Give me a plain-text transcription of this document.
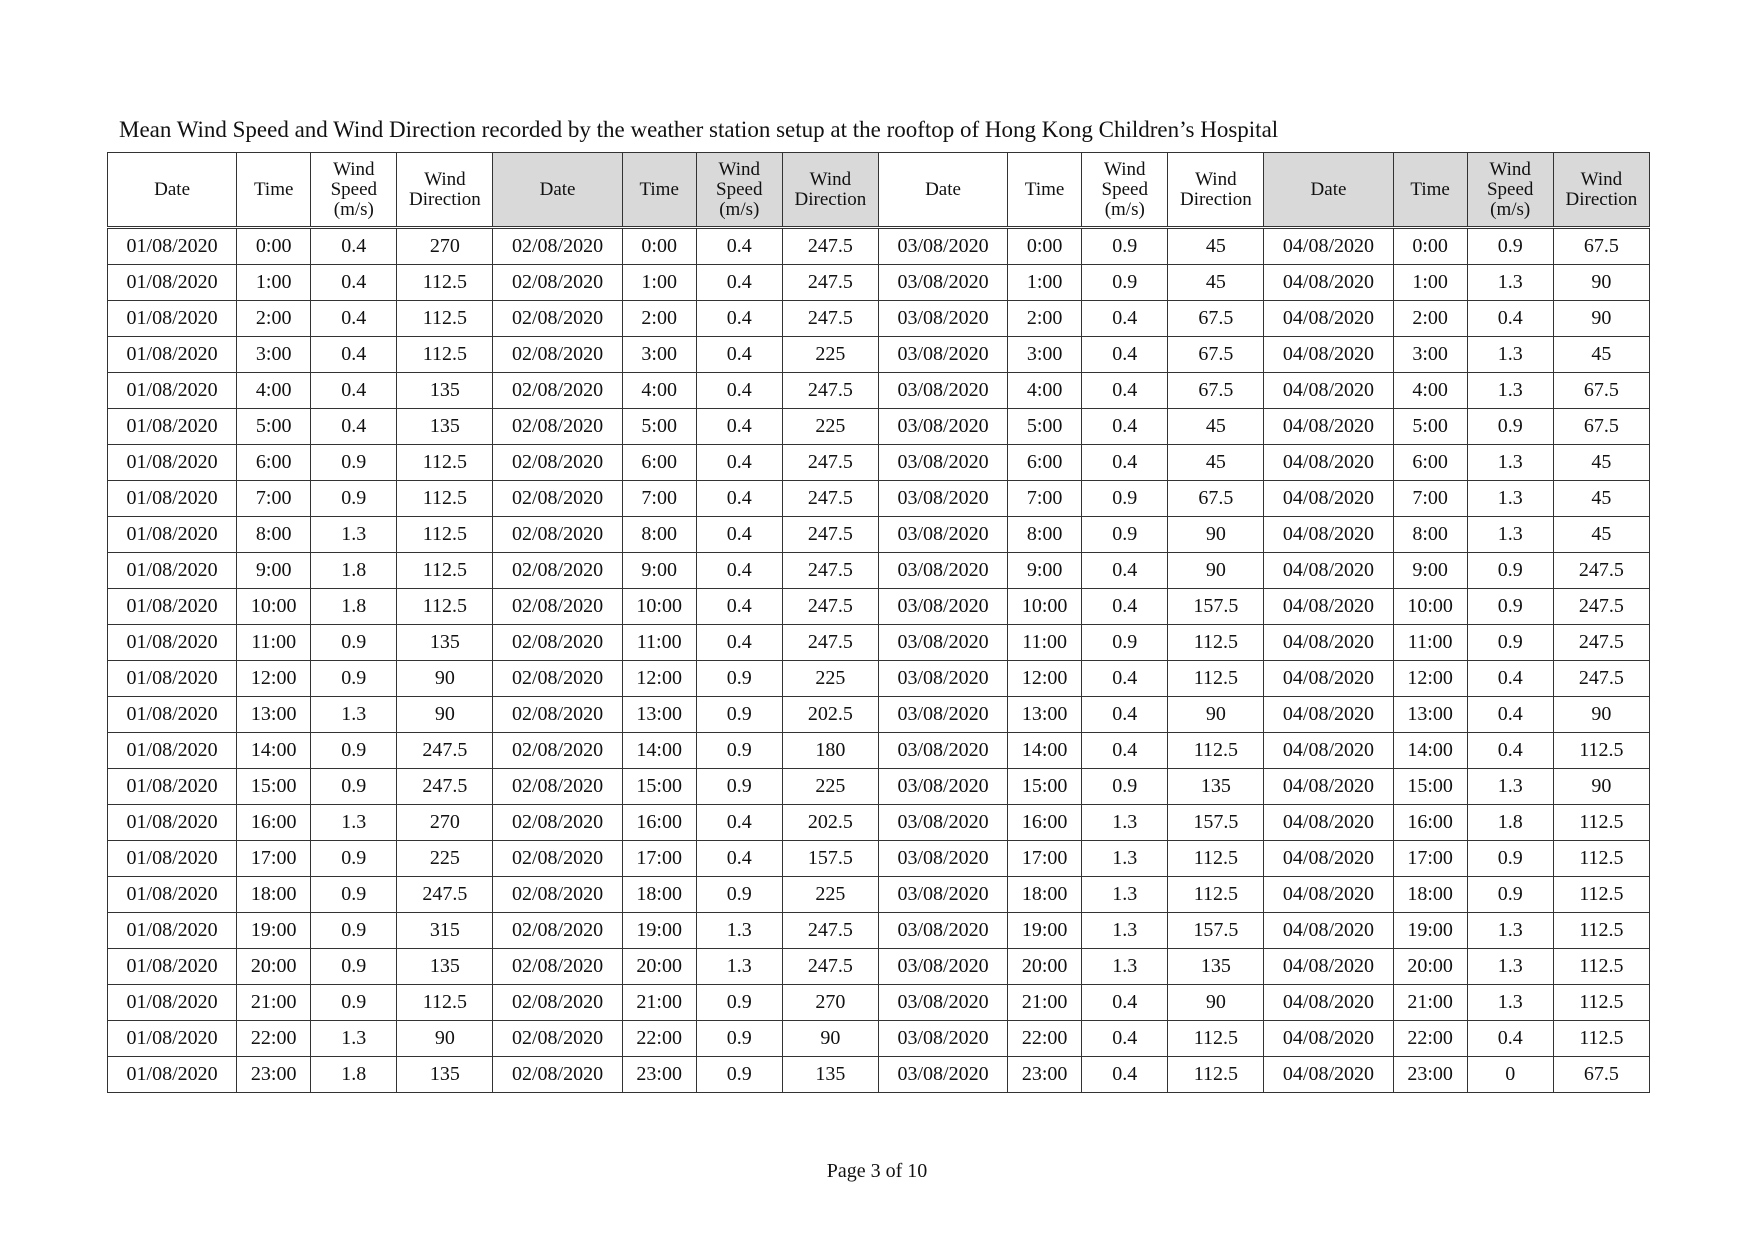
Mean Wind Speed and Wind Direction recorded by the weather station setup at the rooftop of Hong Kong Children’s Hospital
Date	Time	Wind Speed (m/s)	Wind Direction	Date	Time	Wind Speed (m/s)	Wind Direction	Date	Time	Wind Speed (m/s)	Wind Direction	Date	Time	Wind Speed (m/s)	Wind Direction
01/08/2020	0:00	0.4	270	02/08/2020	0:00	0.4	247.5	03/08/2020	0:00	0.9	45	04/08/2020	0:00	0.9	67.5
01/08/2020	1:00	0.4	112.5	02/08/2020	1:00	0.4	247.5	03/08/2020	1:00	0.9	45	04/08/2020	1:00	1.3	90
01/08/2020	2:00	0.4	112.5	02/08/2020	2:00	0.4	247.5	03/08/2020	2:00	0.4	67.5	04/08/2020	2:00	0.4	90
01/08/2020	3:00	0.4	112.5	02/08/2020	3:00	0.4	225	03/08/2020	3:00	0.4	67.5	04/08/2020	3:00	1.3	45
01/08/2020	4:00	0.4	135	02/08/2020	4:00	0.4	247.5	03/08/2020	4:00	0.4	67.5	04/08/2020	4:00	1.3	67.5
01/08/2020	5:00	0.4	135	02/08/2020	5:00	0.4	225	03/08/2020	5:00	0.4	45	04/08/2020	5:00	0.9	67.5
01/08/2020	6:00	0.9	112.5	02/08/2020	6:00	0.4	247.5	03/08/2020	6:00	0.4	45	04/08/2020	6:00	1.3	45
01/08/2020	7:00	0.9	112.5	02/08/2020	7:00	0.4	247.5	03/08/2020	7:00	0.9	67.5	04/08/2020	7:00	1.3	45
01/08/2020	8:00	1.3	112.5	02/08/2020	8:00	0.4	247.5	03/08/2020	8:00	0.9	90	04/08/2020	8:00	1.3	45
01/08/2020	9:00	1.8	112.5	02/08/2020	9:00	0.4	247.5	03/08/2020	9:00	0.4	90	04/08/2020	9:00	0.9	247.5
01/08/2020	10:00	1.8	112.5	02/08/2020	10:00	0.4	247.5	03/08/2020	10:00	0.4	157.5	04/08/2020	10:00	0.9	247.5
01/08/2020	11:00	0.9	135	02/08/2020	11:00	0.4	247.5	03/08/2020	11:00	0.9	112.5	04/08/2020	11:00	0.9	247.5
01/08/2020	12:00	0.9	90	02/08/2020	12:00	0.9	225	03/08/2020	12:00	0.4	112.5	04/08/2020	12:00	0.4	247.5
01/08/2020	13:00	1.3	90	02/08/2020	13:00	0.9	202.5	03/08/2020	13:00	0.4	90	04/08/2020	13:00	0.4	90
01/08/2020	14:00	0.9	247.5	02/08/2020	14:00	0.9	180	03/08/2020	14:00	0.4	112.5	04/08/2020	14:00	0.4	112.5
01/08/2020	15:00	0.9	247.5	02/08/2020	15:00	0.9	225	03/08/2020	15:00	0.9	135	04/08/2020	15:00	1.3	90
01/08/2020	16:00	1.3	270	02/08/2020	16:00	0.4	202.5	03/08/2020	16:00	1.3	157.5	04/08/2020	16:00	1.8	112.5
01/08/2020	17:00	0.9	225	02/08/2020	17:00	0.4	157.5	03/08/2020	17:00	1.3	112.5	04/08/2020	17:00	0.9	112.5
01/08/2020	18:00	0.9	247.5	02/08/2020	18:00	0.9	225	03/08/2020	18:00	1.3	112.5	04/08/2020	18:00	0.9	112.5
01/08/2020	19:00	0.9	315	02/08/2020	19:00	1.3	247.5	03/08/2020	19:00	1.3	157.5	04/08/2020	19:00	1.3	112.5
01/08/2020	20:00	0.9	135	02/08/2020	20:00	1.3	247.5	03/08/2020	20:00	1.3	135	04/08/2020	20:00	1.3	112.5
01/08/2020	21:00	0.9	112.5	02/08/2020	21:00	0.9	270	03/08/2020	21:00	0.4	90	04/08/2020	21:00	1.3	112.5
01/08/2020	22:00	1.3	90	02/08/2020	22:00	0.9	90	03/08/2020	22:00	0.4	112.5	04/08/2020	22:00	0.4	112.5
01/08/2020	23:00	1.8	135	02/08/2020	23:00	0.9	135	03/08/2020	23:00	0.4	112.5	04/08/2020	23:00	0	67.5
Page 3 of 10
